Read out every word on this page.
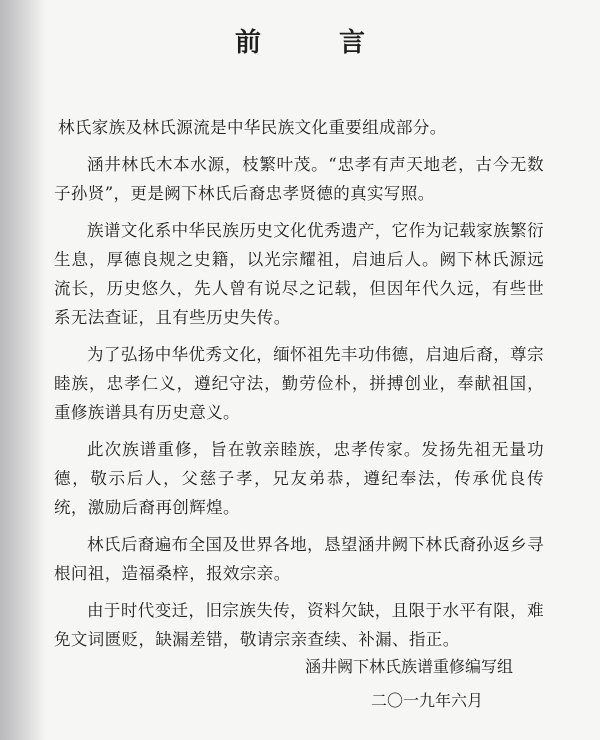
前　言

林氏家族及林氏源流是中华民族文化重要组成部分。

涵井林氏木本水源，枝繁叶茂。“忠孝有声天地老，古今无数子孙贤”，更是阙下林氏后裔忠孝贤德的真实写照。

族谱文化系中华民族历史文化优秀遗产，它作为记载家族繁衍生息，厚德良规之史籍，以光宗耀祖，启迪后人。阙下林氏源远流长，历史悠久，先人曾有说尽之记载，但因年代久远，有些世系无法查证，且有些历史失传。

为了弘扬中华优秀文化，缅怀祖先丰功伟德，启迪后裔，尊宗睦族，忠孝仁义，遵纪守法，勤劳俭朴，拼搏创业，奉献祖国，重修族谱具有历史意义。

此次族谱重修，旨在敦亲睦族，忠孝传家。发扬先祖无量功德，敬示后人，父慈子孝，兄友弟恭，遵纪奉法，传承优良传统，激励后裔再创辉煌。

林氏后裔遍布全国及世界各地，恳望涵井阙下林氏裔孙返乡寻根问祖，造福桑梓，报效宗亲。

由于时代变迁，旧宗族失传，资料欠缺，且限于水平有限，难免文词匮贬，缺漏差错，敬请宗亲查续、补漏、指正。

涵井阙下林氏族谱重修编写组

二〇一九年六月
